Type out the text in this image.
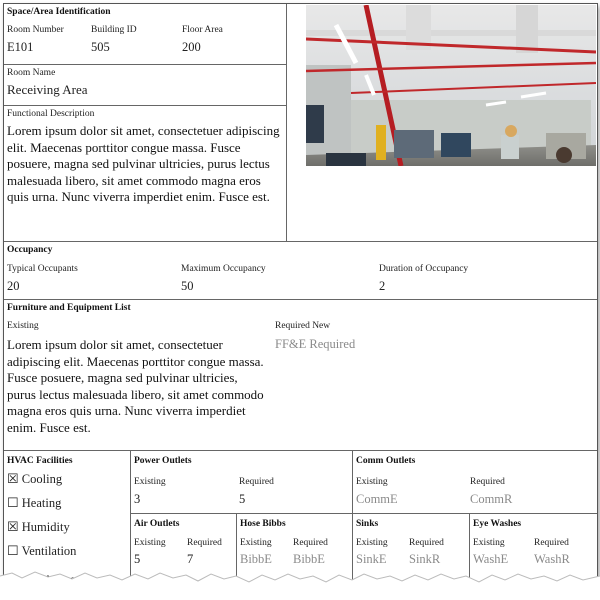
Space/Area Identification
Room Number
E101
Building ID
505
Floor Area
200
Room Name
Receiving Area
Functional Description
Lorem ipsum dolor sit amet, consectetuer adipiscing elit. Maecenas porttitor congue massa. Fusce posuere, magna sed pulvinar ultricies, purus lectus malesuada libero, sit amet commodo magna eros quis urna. Nunc viverra imperdiet enim. Fusce est.
Occupancy
Typical Occupants
20
Maximum Occupancy
50
Duration of Occupancy
2
Furniture and Equipment List
Existing
Lorem ipsum dolor sit amet, consectetuer adipiscing elit. Maecenas porttitor congue massa. Fusce posuere, magna sed pulvinar ultricies, purus lectus malesuada libero, sit amet commodo magna eros quis urna. Nunc viverra imperdiet enim. Fusce est.
Required New
FF&E Required
HVAC Facilities
☒ Cooling
☐ Heating
☒ Humidity
☐ Ventilation
Power Outlets
Existing
3
Required
5
Comm Outlets
Existing
CommE
Required
CommR
Air Outlets
Existing
5
Required
7
Hose Bibbs
Existing
BibbE
Required
BibbE
Sinks
Existing
SinkE
Required
SinkR
Eye Washes
Existing
WashE
Required
WashR
